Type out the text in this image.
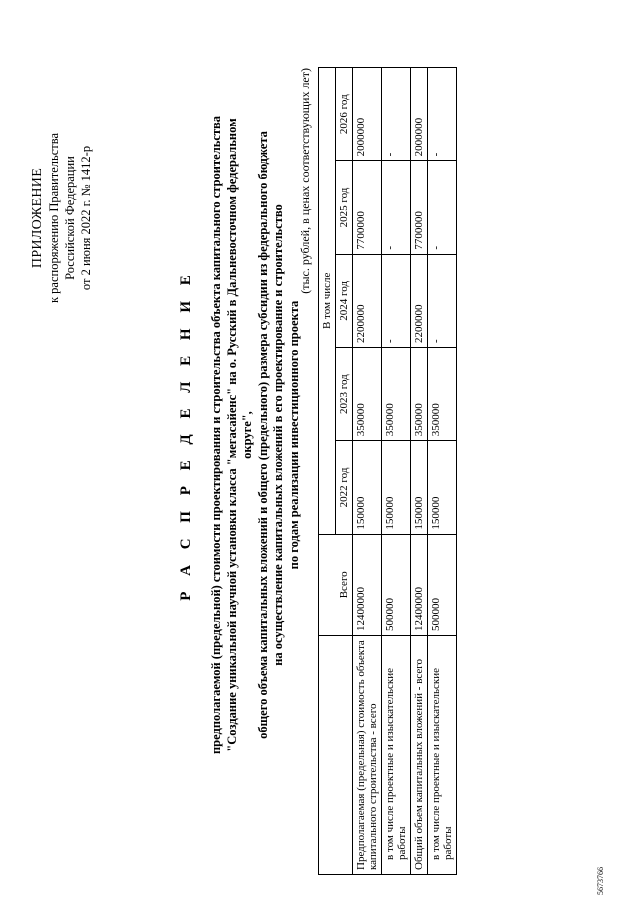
ПРИЛОЖЕНИЕ к распоряжению Правительства Российской Федерации от 2 июня 2022 г. № 1412-р
Р А С П Р Е Д Е Л Е Н И Е предполагаемой (предельной) стоимости проектирования и строительства объекта капитального строительства "Создание уникальной научной установки класса "мегасайенс" на о. Русский в Дальневосточном федеральном округе", общего объема капитальных вложений и общего (предельного) размера субсидии из федерального бюджета на осуществление капитальных вложений в его проектирование и строительство по годам реализации инвестиционного проекта
(тыс. рублей, в ценах соответствующих лет)
	Всего	В том числе				
		2022 год	2023 год	2024 год	2025 год	2026 год
Предполагаемая (предельная) стоимость объекта капитального строительства - всего	12400000	150000	350000	2200000	7700000	2000000
в том числе проектные и изыскательские работы	500000	150000	350000	-	-	-
Общий объем капитальных вложений - всего	12400000	150000	350000	2200000	7700000	2000000
в том числе проектные и изыскательские работы	500000	150000	350000	-	-	-
5673766
